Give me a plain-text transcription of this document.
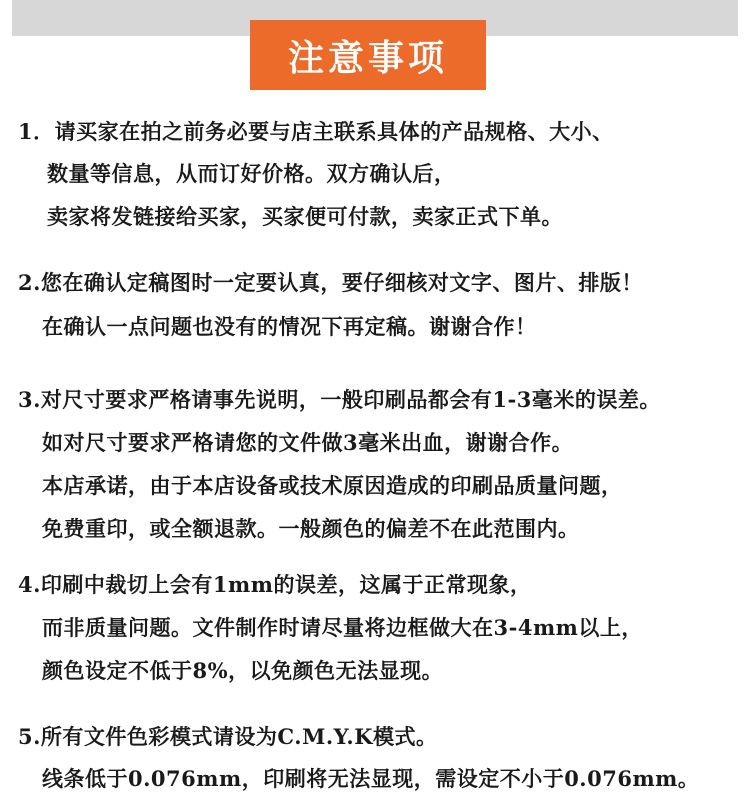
注意事项
1．请买家在拍之前务必要与店主联系具体的产品规格、大小、
数量等信息，从而订好价格。双方确认后，
卖家将发链接给买家，买家便可付款，卖家正式下单。
2.您在确认定稿图时一定要认真，要仔细核对文字、图片、排版！
在确认一点问题也没有的情况下再定稿。谢谢合作！
3.对尺寸要求严格请事先说明，一般印刷品都会有1-3毫米的误差。
如对尺寸要求严格请您的文件做3毫米出血，谢谢合作。
本店承诺，由于本店设备或技术原因造成的印刷品质量问题，
免费重印，或全额退款。一般颜色的偏差不在此范围内。
4.印刷中裁切上会有1mm的误差，这属于正常现象，
而非质量问题。文件制作时请尽量将边框做大在3-4mm以上，
颜色设定不低于8%，以免颜色无法显现。
5.所有文件色彩模式请设为C.M.Y.K模式。
线条低于0.076mm，印刷将无法显现，需设定不小于0.076mm。
